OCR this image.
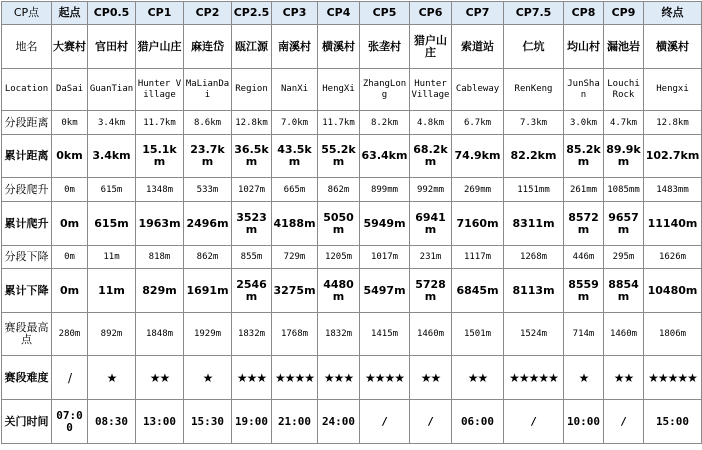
CP点	起点	CP0.5	CP1	CP2	CP2.5	CP3	CP4	CP5	CP6	CP7	CP7.5	CP8	CP9	终点
地名	大赛村	官田村	猎户山庄	麻连岱	瓯江源	南溪村	横溪村	张垄村	猎户山庄	索道站	仁坑	均山村	漏池岩	横溪村
Location	DaSai	GuanTian	Hunter Village	MaLianDai	Region	NanXi	HengXi	ZhangLong	Hunter Village	Cableway	RenKeng	JunShan	Louchi Rock	Hengxi
分段距离	0km	3.4km	11.7km	8.6km	12.8km	7.0km	11.7km	8.2km	4.8km	6.7km	7.3km	3.0km	4.7km	12.8km
累计距离	0km	3.4km	15.1km	23.7km	36.5km	43.5km	55.2km	63.4km	68.2km	74.9km	82.2km	85.2km	89.9km	102.7km
分段爬升	0m	615m	1348m	533m	1027m	665m	862m	899mm	992mm	269mm	1151mm	261mm	1085mm	1483mm
累计爬升	0m	615m	1963m	2496m	3523m	4188m	5050m	5949m	6941m	7160m	8311m	8572m	9657m	11140m
分段下降	0m	11m	818m	862m	855m	729m	1205m	1017m	231m	1117m	1268m	446m	295m	1626m
累计下降	0m	11m	829m	1691m	2546m	3275m	4480m	5497m	5728m	6845m	8113m	8559m	8854m	10480m
赛段最高点	280m	892m	1848m	1929m	1832m	1768m	1832m	1415m	1460m	1501m	1524m	714m	1460m	1806m
赛段难度	/	★	★★	★	★★★	★★★★	★★★	★★★★	★★	★★	★★★★★	★	★★	★★★★★
关门时间	07:00	08:30	13:00	15:30	19:00	21:00	24:00	/	/	06:00	/	10:00	/	15:00
